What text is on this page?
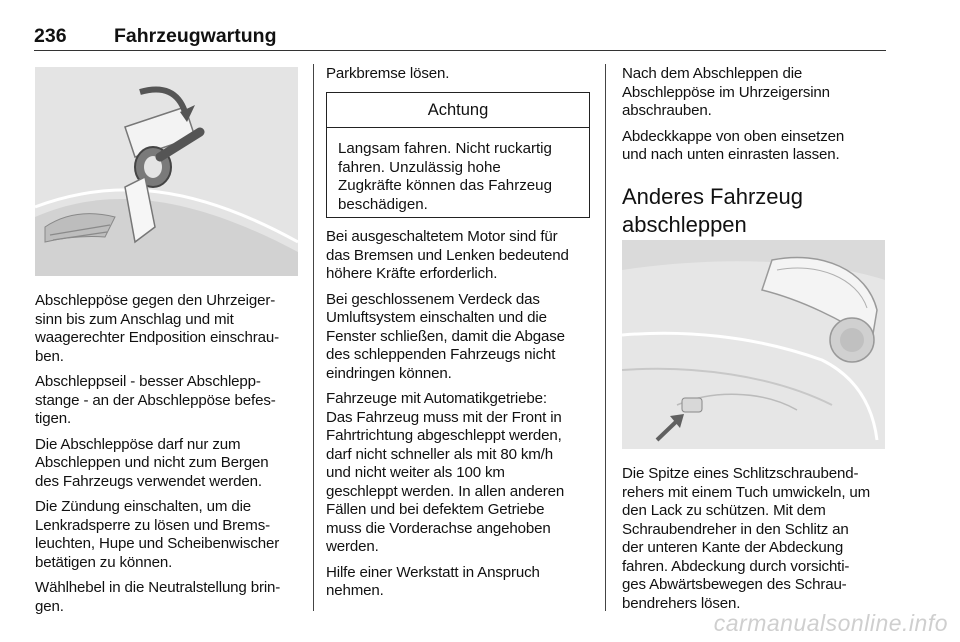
236 Fahrzeugwartung

Abschleppöse gegen den Uhrzeiger-
sinn bis zum Anschlag und mit
waagerechter Endposition einschrau-
ben.

Abschleppseil - besser Abschlepp-
stange - an der Abschleppöse befes-
tigen.

Die Abschleppöse darf nur zum
Abschleppen und nicht zum Bergen
des Fahrzeugs verwendet werden.

Die Zündung einschalten, um die
Lenkradsperre zu lösen und Brems-
leuchten, Hupe und Scheibenwischer
betätigen zu können.

Wählhebel in die Neutralstellung brin-
gen.

Parkbremse lösen.

Achtung
Langsam fahren. Nicht ruckartig
fahren. Unzulässig hohe
Zugkräfte können das Fahrzeug
beschädigen.

Bei ausgeschaltetem Motor sind für
das Bremsen und Lenken bedeutend
höhere Kräfte erforderlich.

Bei geschlossenem Verdeck das
Umluftsystem einschalten und die
Fenster schließen, damit die Abgase
des schleppenden Fahrzeugs nicht
eindringen können.

Fahrzeuge mit Automatikgetriebe:
Das Fahrzeug muss mit der Front in
Fahrtrichtung abgeschleppt werden,
darf nicht schneller als mit 80 km/h
und nicht weiter als 100 km
geschleppt werden. In allen anderen
Fällen und bei defektem Getriebe
muss die Vorderachse angehoben
werden.

Hilfe einer Werkstatt in Anspruch
nehmen.

Nach dem Abschleppen die
Abschleppöse im Uhrzeigersinn
abschrauben.

Abdeckkappe von oben einsetzen
und nach unten einrasten lassen.

Anderes Fahrzeug
abschleppen

Die Spitze eines Schlitzschraubend-
rehers mit einem Tuch umwickeln, um
den Lack zu schützen. Mit dem
Schraubendreher in den Schlitz an
der unteren Kante der Abdeckung
fahren. Abdeckung durch vorsichti-
ges Abwärtsbewegen des Schrau-
bendrehers lösen.

carmanualsonline.info
